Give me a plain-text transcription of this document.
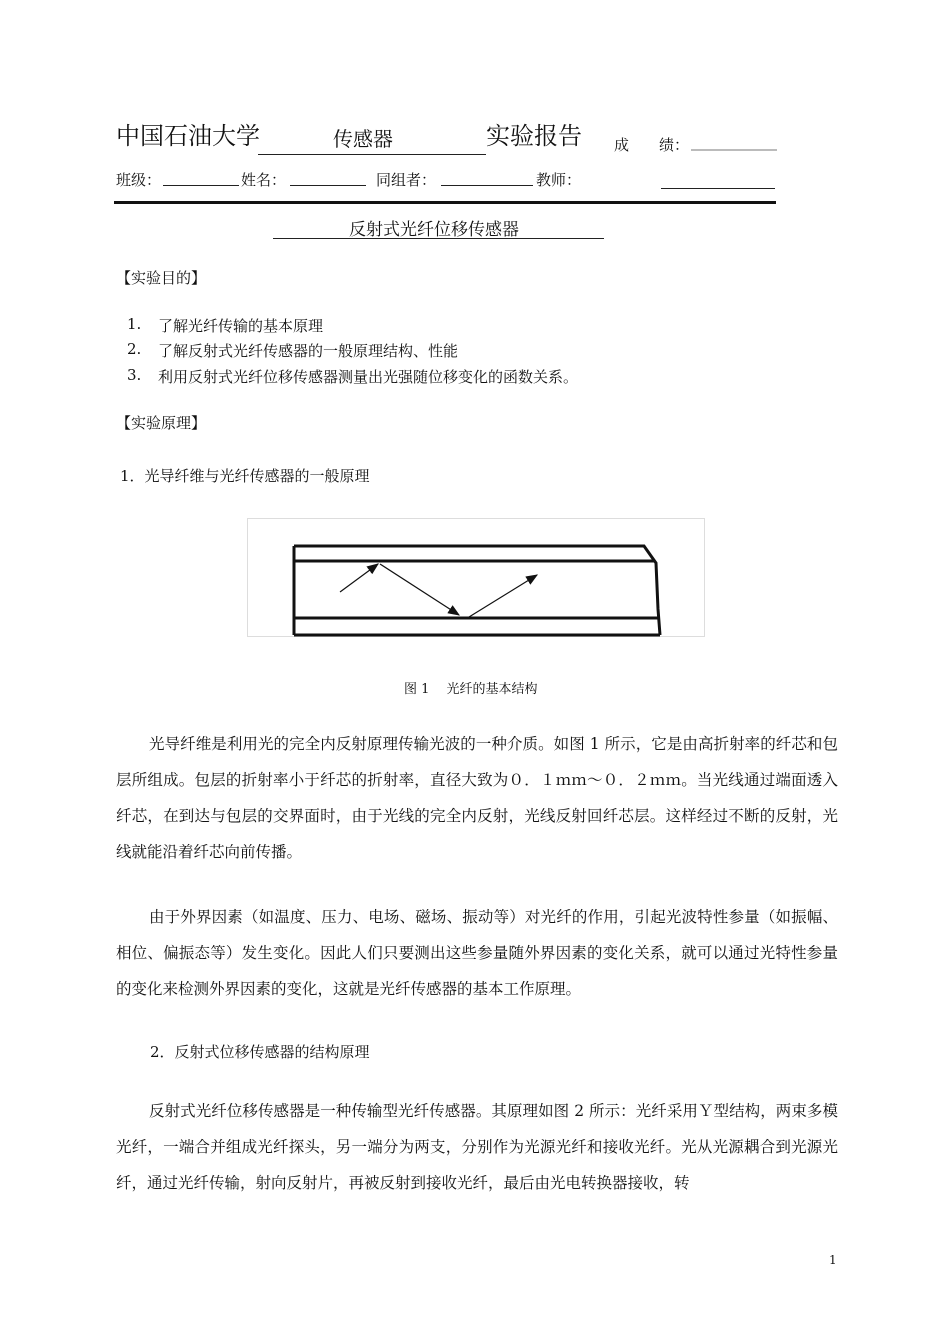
中国石油大学	传感器	实验报告 成　　绩：
班级：	姓名：	同组者：	教师：
反射式光纤位移传感器
【实验目的】
1. 了解光纤传输的基本原理
2. 了解反射式光纤传感器的一般原理结构、性能
3. 利用反射式光纤位移传感器测量出光强随位移变化的函数关系。
【实验原理】
1．光导纤维与光纤传感器的一般原理
图 1　 光纤的基本结构
光导纤维是利用光的完全内反射原理传输光波的一种介质。如图 1 所示，它是由高折射率的纤芯和包层所组成。包层的折射率小于纤芯的折射率，直径大致为０．１ｍｍ～０．２ｍｍ。当光线通过端面透入纤芯，在到达与包层的交界面时，由于光线的完全内反射，光线反射回纤芯层。这样经过不断的反射，光线就能沿着纤芯向前传播。
由于外界因素（如温度、压力、电场、磁场、振动等）对光纤的作用，引起光波特性参量（如振幅、相位、偏振态等）发生变化。因此人们只要测出这些参量随外界因素的变化关系，就可以通过光特性参量的变化来检测外界因素的变化，这就是光纤传感器的基本工作原理。
2．反射式位移传感器的结构原理
反射式光纤位移传感器是一种传输型光纤传感器。其原理如图 2 所示：光纤采用Ｙ型结构，两束多模光纤，一端合并组成光纤探头，另一端分为两支，分别作为光源光纤和接收光纤。光从光源耦合到光源光纤，通过光纤传输，射向反射片，再被反射到接收光纤，最后由光电转换器接收，转
1
